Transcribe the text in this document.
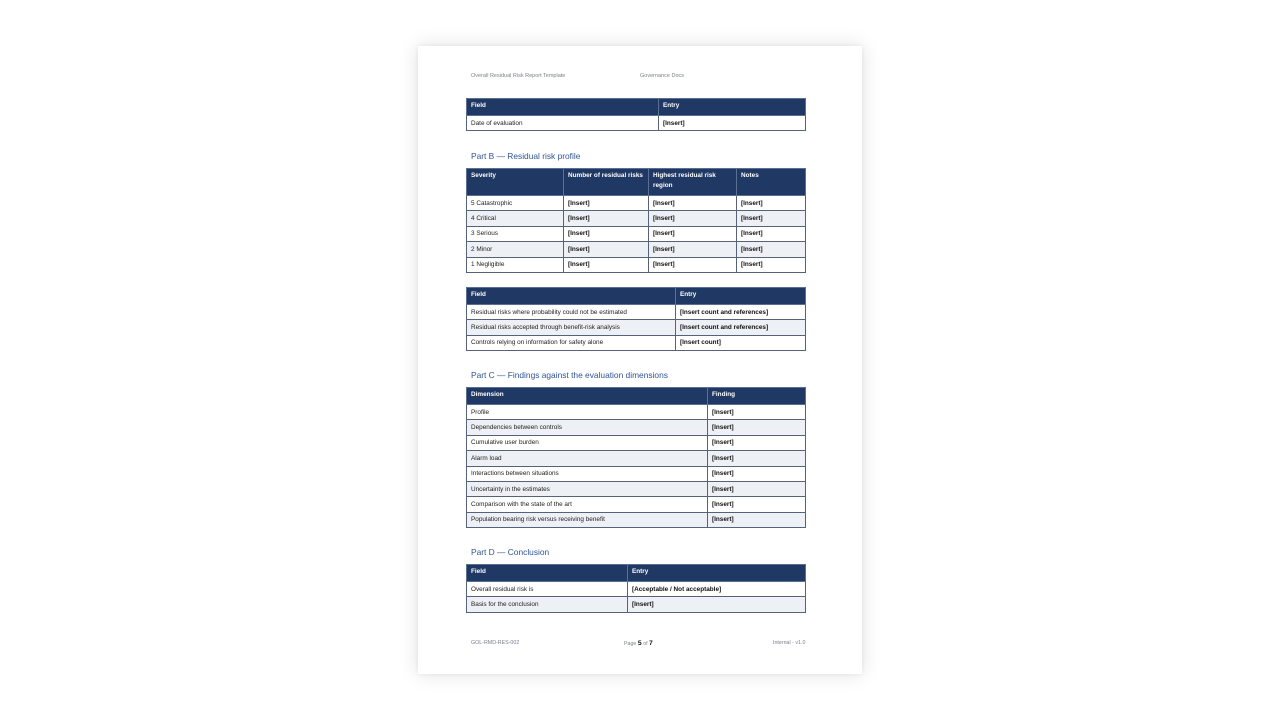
Overall Residual Risk Report Template	Governance Docs
Field	Entry
Date of evaluation	[Insert]
Part B — Residual risk profile
Severity	Number of residual risks	Highest residual risk region	Notes
5 Catastrophic	[Insert]	[Insert]	[Insert]
4 Critical	[Insert]	[Insert]	[Insert]
3 Serious	[Insert]	[Insert]	[Insert]
2 Minor	[Insert]	[Insert]	[Insert]
1 Negligible	[Insert]	[Insert]	[Insert]
Field	Entry
Residual risks where probability could not be estimated	[Insert count and references]
Residual risks accepted through benefit-risk analysis	[Insert count and references]
Controls relying on information for safety alone	[Insert count]
Part C — Findings against the evaluation dimensions
Dimension	Finding
Profile	[Insert]
Dependencies between controls	[Insert]
Cumulative user burden	[Insert]
Alarm load	[Insert]
Interactions between situations	[Insert]
Uncertainty in the estimates	[Insert]
Comparison with the state of the art	[Insert]
Population bearing risk versus receiving benefit	[Insert]
Part D — Conclusion
Field	Entry
Overall residual risk is	[Acceptable / Not acceptable]
Basis for the conclusion	[Insert]
GOL-RMD-RES-002	Page 5 of 7	Internal - v1.0
